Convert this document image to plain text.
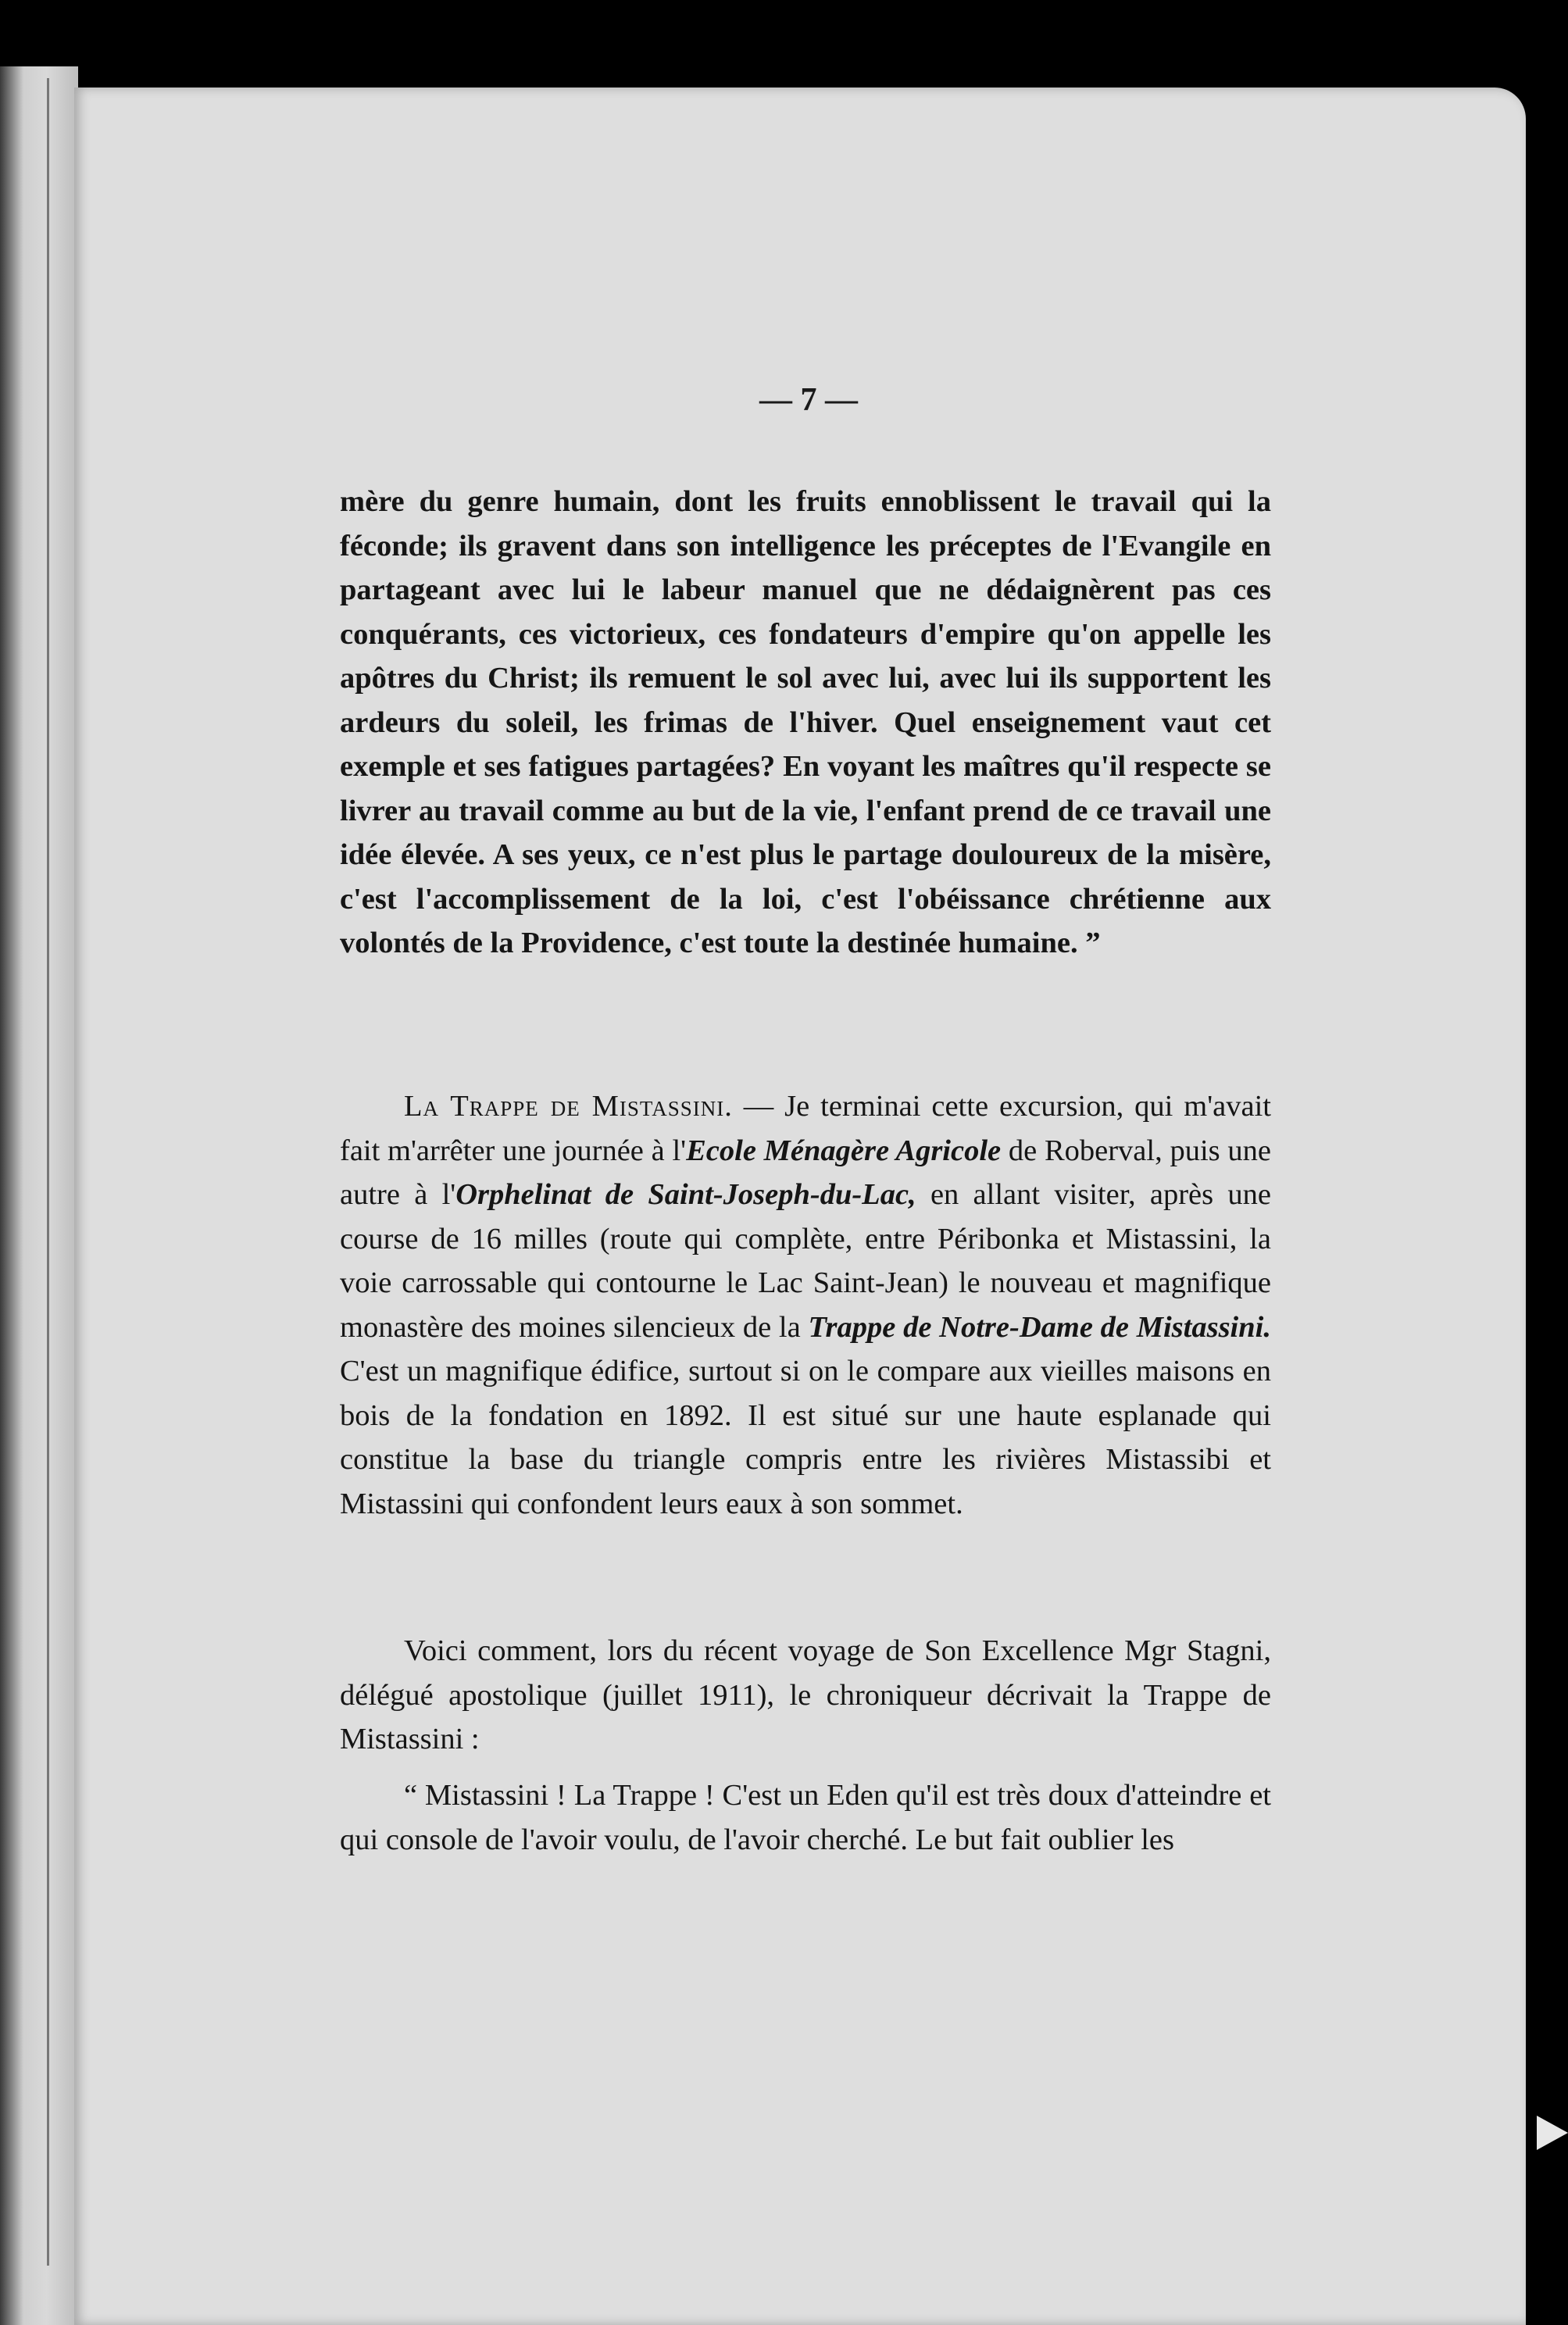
— 7 —

mère du genre humain, dont les fruits ennoblissent le travail qui la féconde; ils gravent dans son intelligence les préceptes de l'Evangile en partageant avec lui le labeur manuel que ne dédaignèrent pas ces conquérants, ces victorieux, ces fondateurs d'empire qu'on appelle les apôtres du Christ; ils remuent le sol avec lui, avec lui ils supportent les ardeurs du soleil, les frimas de l'hiver. Quel enseignement vaut cet exemple et ses fatigues partagées? En voyant les maîtres qu'il respecte se livrer au travail comme au but de la vie, l'enfant prend de ce travail une idée élevée. A ses yeux, ce n'est plus le partage douloureux de la misère, c'est l'accomplissement de la loi, c'est l'obéissance chrétienne aux volontés de la Providence, c'est toute la destinée humaine. ”

La Trappe de Mistassini. — Je terminai cette excursion, qui m'avait fait m'arrêter une journée à l'Ecole Ménagère Agricole de Roberval, puis une autre à l'Orphelinat de Saint-Joseph-du-Lac, en allant visiter, après une course de 16 milles (route qui complète, entre Péribonka et Mistassini, la voie carrossable qui contourne le Lac Saint-Jean) le nouveau et magnifique monastère des moines silencieux de la Trappe de Notre-Dame de Mistassini. C'est un magnifique édifice, surtout si on le compare aux vieilles maisons en bois de la fondation en 1892. Il est situé sur une haute esplanade qui constitue la base du triangle compris entre les rivières Mistassibi et Mistassini qui confondent leurs eaux à son sommet.

Voici comment, lors du récent voyage de Son Excellence Mgr Stagni, délégué apostolique (juillet 1911), le chroniqueur décrivait la Trappe de Mistassini :

“ Mistassini ! La Trappe ! C'est un Eden qu'il est très doux d'atteindre et qui console de l'avoir voulu, de l'avoir cherché. Le but fait oublier les
